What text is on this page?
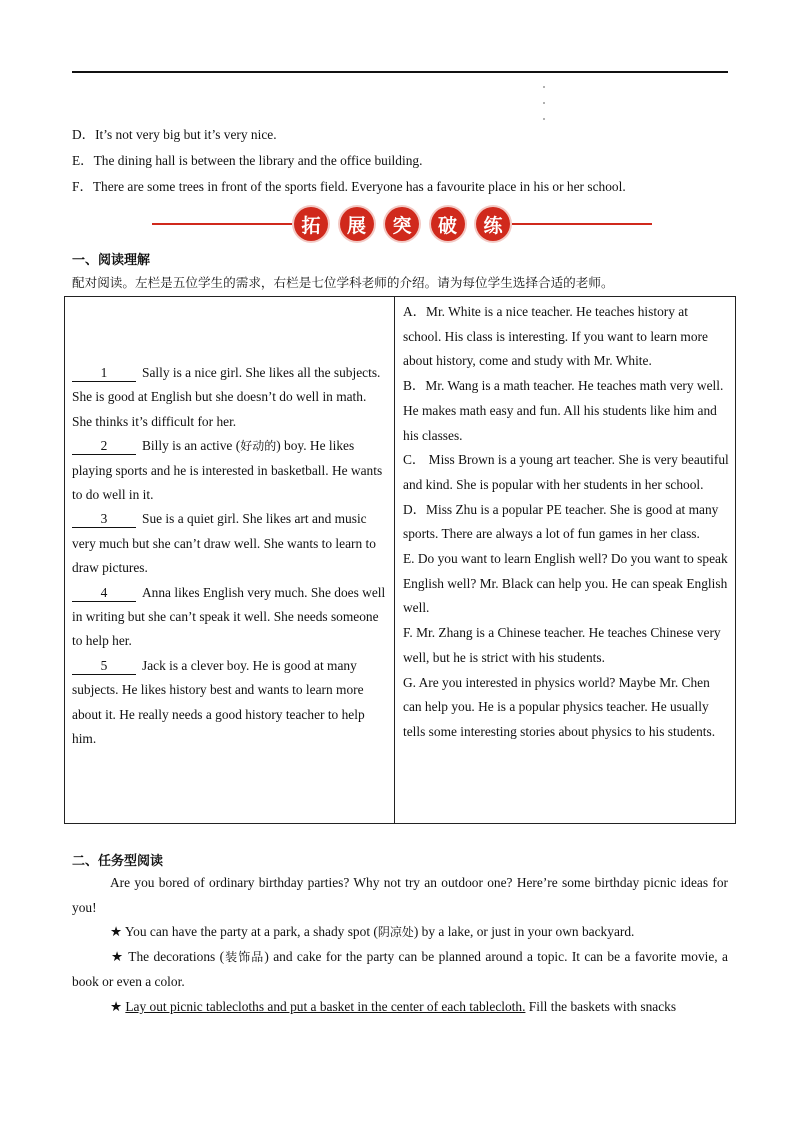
D．It’s not very big but it’s very nice.
E．The dining hall is between the library and the office building.
F．There are some trees in front of the sports field. Everyone has a favourite place in his or her school.
拓	展	突	破	练
一、阅读理解
配对阅读。左栏是五位学生的需求，右栏是七位学科老师的介绍。请为每位学生选择合适的老师。

1	Sally is a nice girl. She likes all the subjects. She is good at English but she doesn’t do well in math. She thinks it’s difficult for her.

2	Billy is an active (好动的) boy. He likes playing sports and he is interested in basketball. He wants to do well in it.

3	Sue is a quiet girl. She likes art and music very much but she can’t draw well. She wants to learn to draw pictures.

4	Anna likes English very much. She does well in writing but she can’t speak it well. She needs someone to help her.

5	Jack is a clever boy. He is good at many subjects. He likes history best and wants to learn more about it. He really needs a good history teacher to help him.

A．Mr. White is a nice teacher. He teaches history at school. His class is interesting. If you want to learn more about history, come and study with Mr. White.

B．Mr. Wang is a math teacher. He teaches math very well. He makes math easy and fun. All his students like him and his classes.

C． Miss Brown is a young art teacher. She is very beautiful and kind. She is popular with her students in her school.

D．Miss Zhu is a popular PE teacher. She is good at many sports. There are always a lot of fun games in her class.

E. Do you want to learn English well? Do you want to speak English well? Mr. Black can help you. He can speak English well.

F. Mr. Zhang is a Chinese teacher. He teaches Chinese very well, but he is strict with his students.

G. Are you interested in physics world? Maybe Mr. Chen can help you. He is a popular physics teacher. He usually tells some interesting stories about physics to his students.

二、任务型阅读
Are you bored of ordinary birthday parties? Why not try an outdoor one? Here’re some birthday picnic ideas for you!
★ You can have the party at a park, a shady spot (阴凉处) by a lake, or just in your own backyard.
★ The decorations (装饰品) and cake for the party can be planned around a topic. It can be a favorite movie, a book or even a color.
★ Lay out picnic tablecloths and put a basket in the center of each tablecloth. Fill the baskets with snacks
